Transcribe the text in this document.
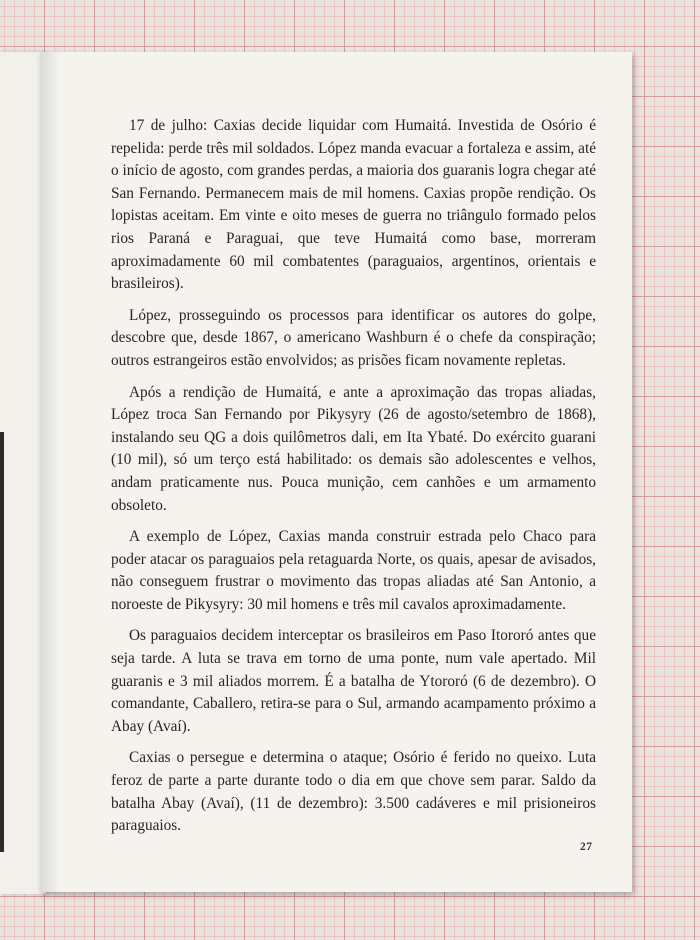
17 de julho: Caxias decide liquidar com Humaitá. Investida de Osório é repelida: perde três mil soldados. López manda evacuar a fortaleza e assim, até o início de agosto, com grandes perdas, a maioria dos guaranis logra chegar até San Fernando. Permanecem mais de mil homens. Caxias propõe rendição. Os lopistas aceitam. Em vinte e oito meses de guerra no triângulo formado pelos rios Paraná e Paraguai, que teve Humaitá como base, morreram aproximadamente 60 mil combatentes (paraguaios, argentinos, orientais e brasileiros).

López, prosseguindo os processos para identificar os autores do golpe, descobre que, desde 1867, o americano Washburn é o chefe da conspiração; outros estrangeiros estão envolvidos; as prisões ficam novamente repletas.

Após a rendição de Humaitá, e ante a aproximação das tropas aliadas, López troca San Fernando por Pikysyry (26 de agosto/setembro de 1868), instalando seu QG a dois quilômetros dali, em Ita Ybaté. Do exército guarani (10 mil), só um terço está habilitado: os demais são adolescentes e velhos, andam praticamente nus. Pouca munição, cem canhões e um armamento obsoleto.

A exemplo de López, Caxias manda construir estrada pelo Chaco para poder atacar os paraguaios pela retaguarda Norte, os quais, apesar de avisados, não conseguem frustrar o movimento das tropas aliadas até San Antonio, a noroeste de Pikysyry: 30 mil homens e três mil cavalos aproximadamente.

Os paraguaios decidem interceptar os brasileiros em Paso Itororó antes que seja tarde. A luta se trava em torno de uma ponte, num vale apertado. Mil guaranis e 3 mil aliados morrem. É a batalha de Ytororó (6 de dezembro). O comandante, Caballero, retira-se para o Sul, armando acampamento próximo a Abay (Avaí).

Caxias o persegue e determina o ataque; Osório é ferido no queixo. Luta feroz de parte a parte durante todo o dia em que chove sem parar. Saldo da batalha Abay (Avaí), (11 de dezembro): 3.500 cadáveres e mil prisioneiros paraguaios.

27
